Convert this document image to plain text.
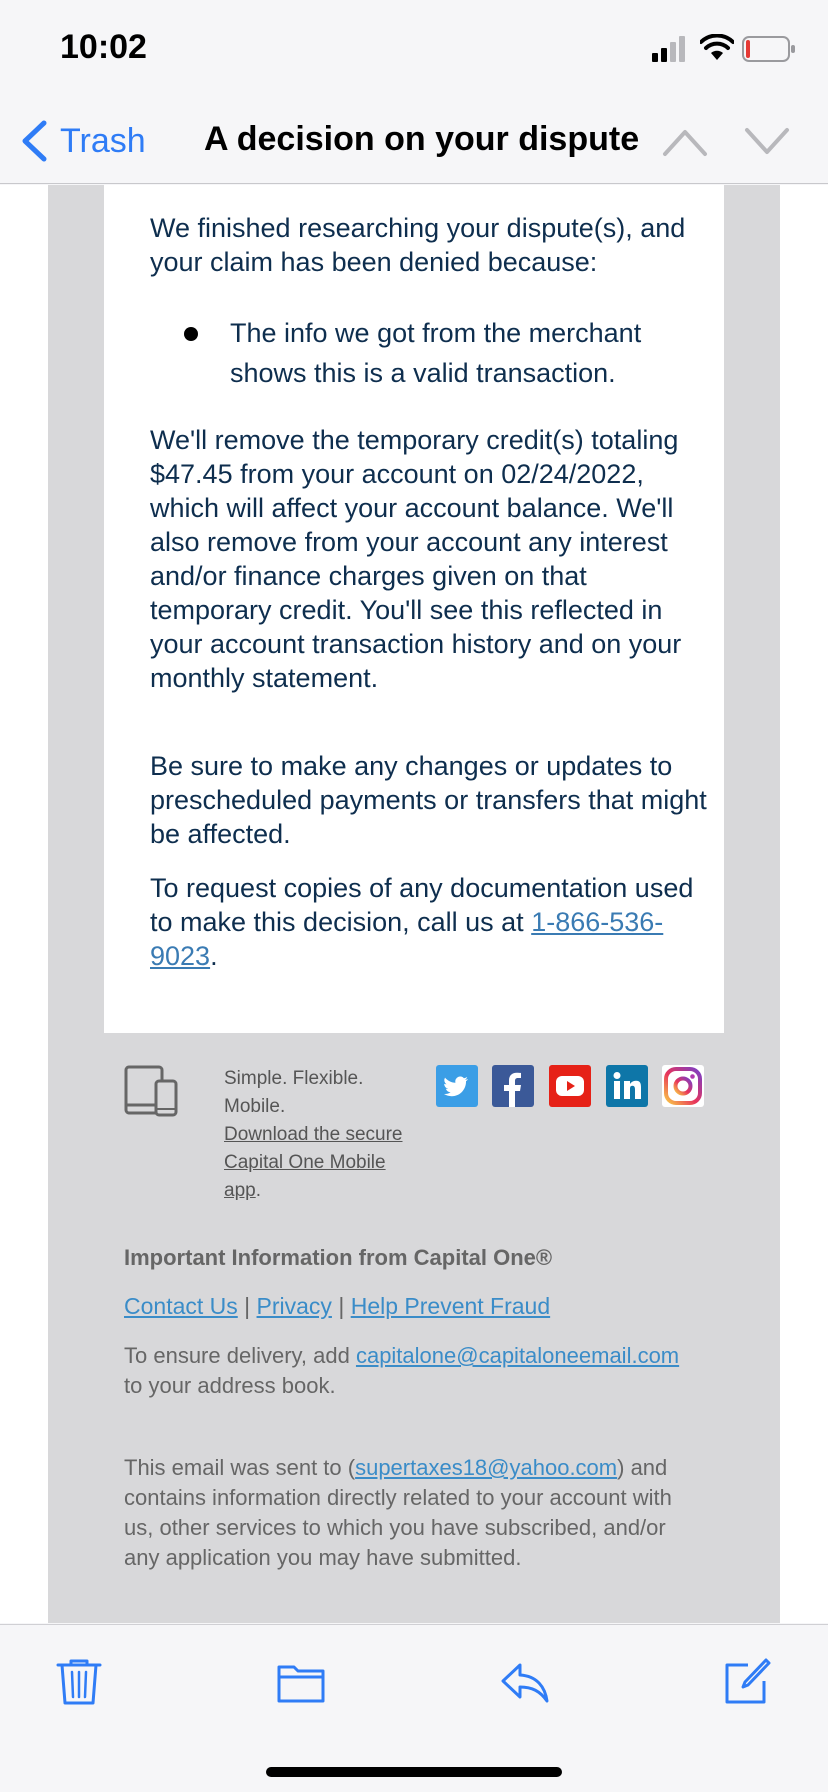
10:02
Trash A decision on your dispute

We finished researching your dispute(s), and your claim has been denied because:

The info we got from the merchant shows this is a valid transaction.

We'll remove the temporary credit(s) totaling $47.45 from your account on 02/24/2022, which will affect your account balance. We'll also remove from your account any interest and/or finance charges given on that temporary credit. You'll see this reflected in your account transaction history and on your monthly statement.

Be sure to make any changes or updates to prescheduled payments or transfers that might be affected.

To request copies of any documentation used to make this decision, call us at 1-866-536-9023.

Simple. Flexible.
Mobile.
Download the secure Capital One Mobile app.
Important Information from Capital One®
Contact Us | Privacy | Help Prevent Fraud
To ensure delivery, add capitalone@capitaloneemail.com to your address book.
This email was sent to (supertaxes18@yahoo.com) and contains information directly related to your account with us, other services to which you have subscribed, and/or any application you may have submitted.
